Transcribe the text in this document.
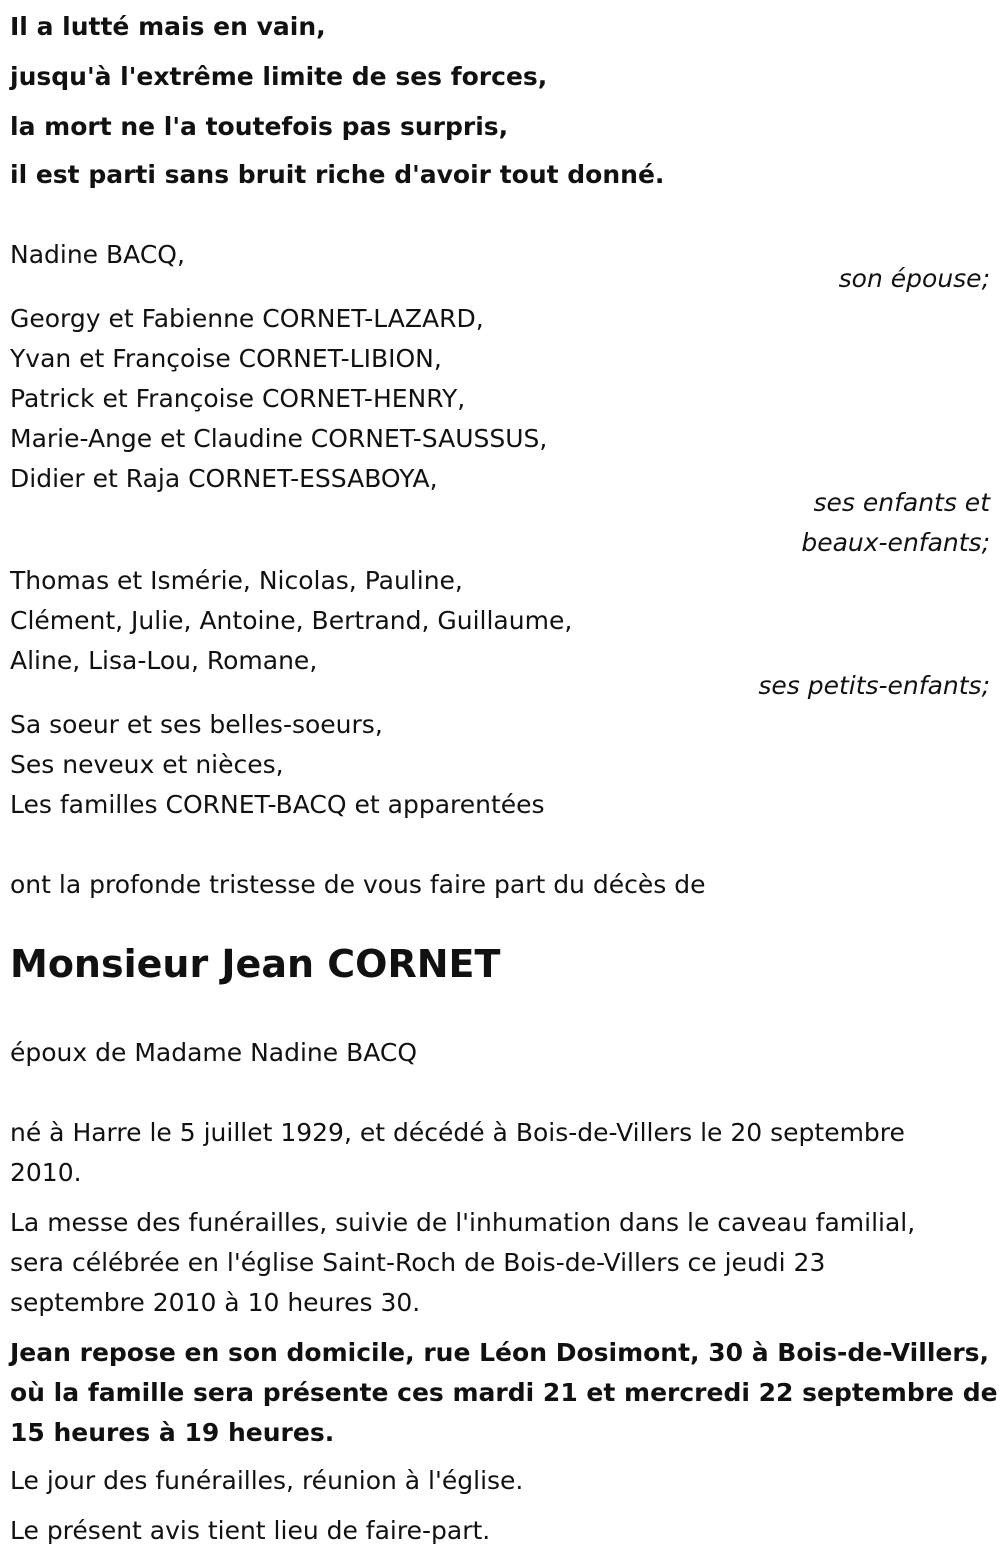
Il a lutté mais en vain,
jusqu'à l'extrême limite de ses forces,
la mort ne l'a toutefois pas surpris,
il est parti sans bruit riche d'avoir tout donné.
Nadine BACQ,
son épouse;
Georgy et Fabienne CORNET-LAZARD,
Yvan et Françoise CORNET-LIBION,
Patrick et Françoise CORNET-HENRY,
Marie-Ange et Claudine CORNET-SAUSSUS,
Didier et Raja CORNET-ESSABOYA,
ses enfants et
beaux-enfants;
Thomas et Ismérie, Nicolas, Pauline,
Clément, Julie, Antoine, Bertrand, Guillaume,
Aline, Lisa-Lou, Romane,
ses petits-enfants;
Sa soeur et ses belles-soeurs,
Ses neveux et nièces,
Les familles CORNET-BACQ et apparentées
ont la profonde tristesse de vous faire part du décès de
Monsieur Jean CORNET
époux de Madame Nadine BACQ
né à Harre le 5 juillet 1929, et décédé à Bois-de-Villers le 20 septembre
2010.
La messe des funérailles, suivie de l'inhumation dans le caveau familial,
sera célébrée en l'église Saint-Roch de Bois-de-Villers ce jeudi 23
septembre 2010 à 10 heures 30.
Jean repose en son domicile, rue Léon Dosimont, 30 à Bois-de-Villers,
où la famille sera présente ces mardi 21 et mercredi 22 septembre de
15 heures à 19 heures.
Le jour des funérailles, réunion à l'église.
Le présent avis tient lieu de faire-part.
